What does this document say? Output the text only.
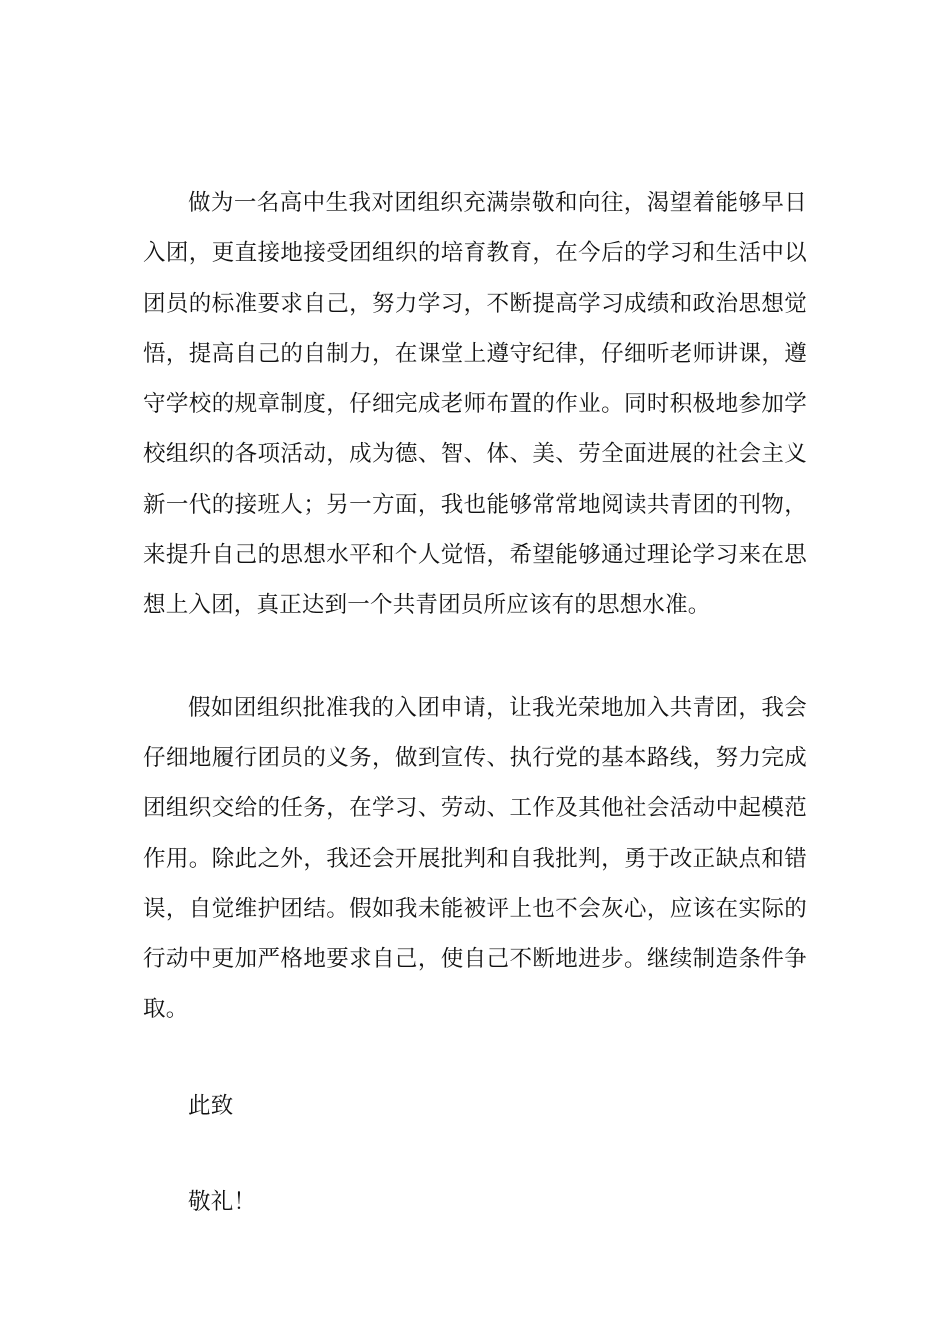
做为一名高中生我对团组织充满崇敬和向往，渴望着能够早日入团，更直接地接受团组织的培育教育，在今后的学习和生活中以团员的标准要求自己，努力学习，不断提高学习成绩和政治思想觉悟，提高自己的自制力，在课堂上遵守纪律，仔细听老师讲课，遵守学校的规章制度，仔细完成老师布置的作业。同时积极地参加学校组织的各项活动，成为德、智、体、美、劳全面进展的社会主义新一代的接班人；另一方面，我也能够常常地阅读共青团的刊物，来提升自己的思想水平和个人觉悟，希望能够通过理论学习来在思想上入团，真正达到一个共青团员所应该有的思想水准。

假如团组织批准我的入团申请，让我光荣地加入共青团，我会仔细地履行团员的义务，做到宣传、执行党的基本路线，努力完成团组织交给的任务，在学习、劳动、工作及其他社会活动中起模范作用。除此之外，我还会开展批判和自我批判，勇于改正缺点和错误，自觉维护团结。假如我未能被评上也不会灰心，应该在实际的行动中更加严格地要求自己，使自己不断地进步。继续制造条件争取。

此致

敬礼！
